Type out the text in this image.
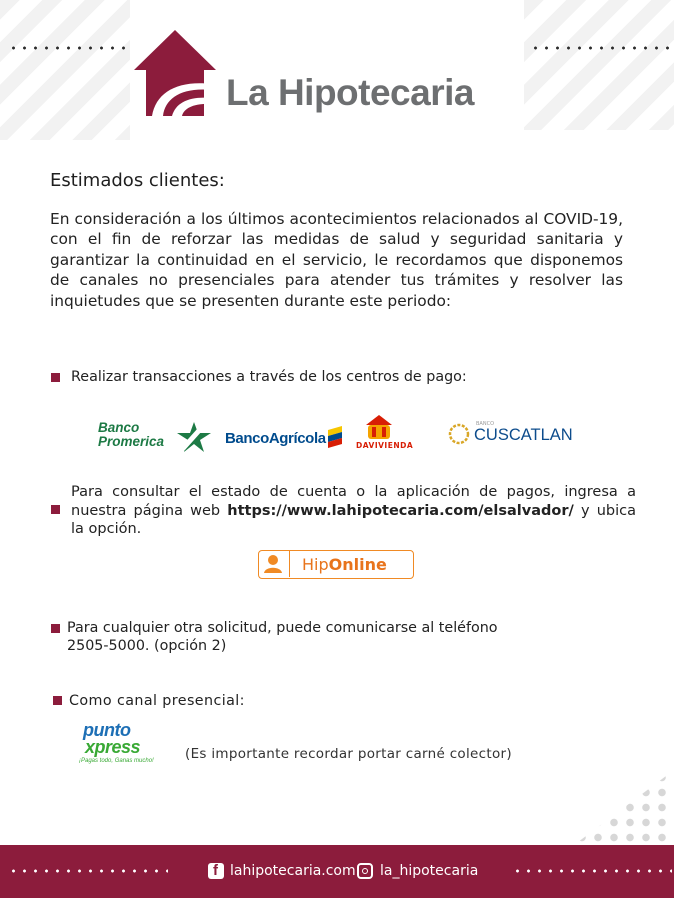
La Hipotecaria
Estimados clientes:
En consideración a los últimos acontecimientos relacionados al COVID-19, con el fin de reforzar las medidas de salud y seguridad sanitaria y garantizar la continuidad en el servicio, le recordamos que disponemos de canales no presenciales para atender tus trámites y resolver las inquietudes que se presenten durante este periodo:
Realizar transacciones a través de los centros de pago:
Banco
Promerica	BancoAgrícola	DAVIVIENDA
BANCO
CUSCATLAN
Para consultar el estado de cuenta o la aplicación de pagos, ingresa a nuestra página web https://www.lahipotecaria.com/elsalvador/ y ubica la opción.
HipOnline
Para cualquier otra solicitud, puede comunicarse al teléfono 2505-5000. (opción 2)
Como canal presencial:
punto
xpress
¡Pagas todo, Ganas mucho! (Es importante recordar portar carné colector)
f lahipotecaria.com la_hipotecaria
